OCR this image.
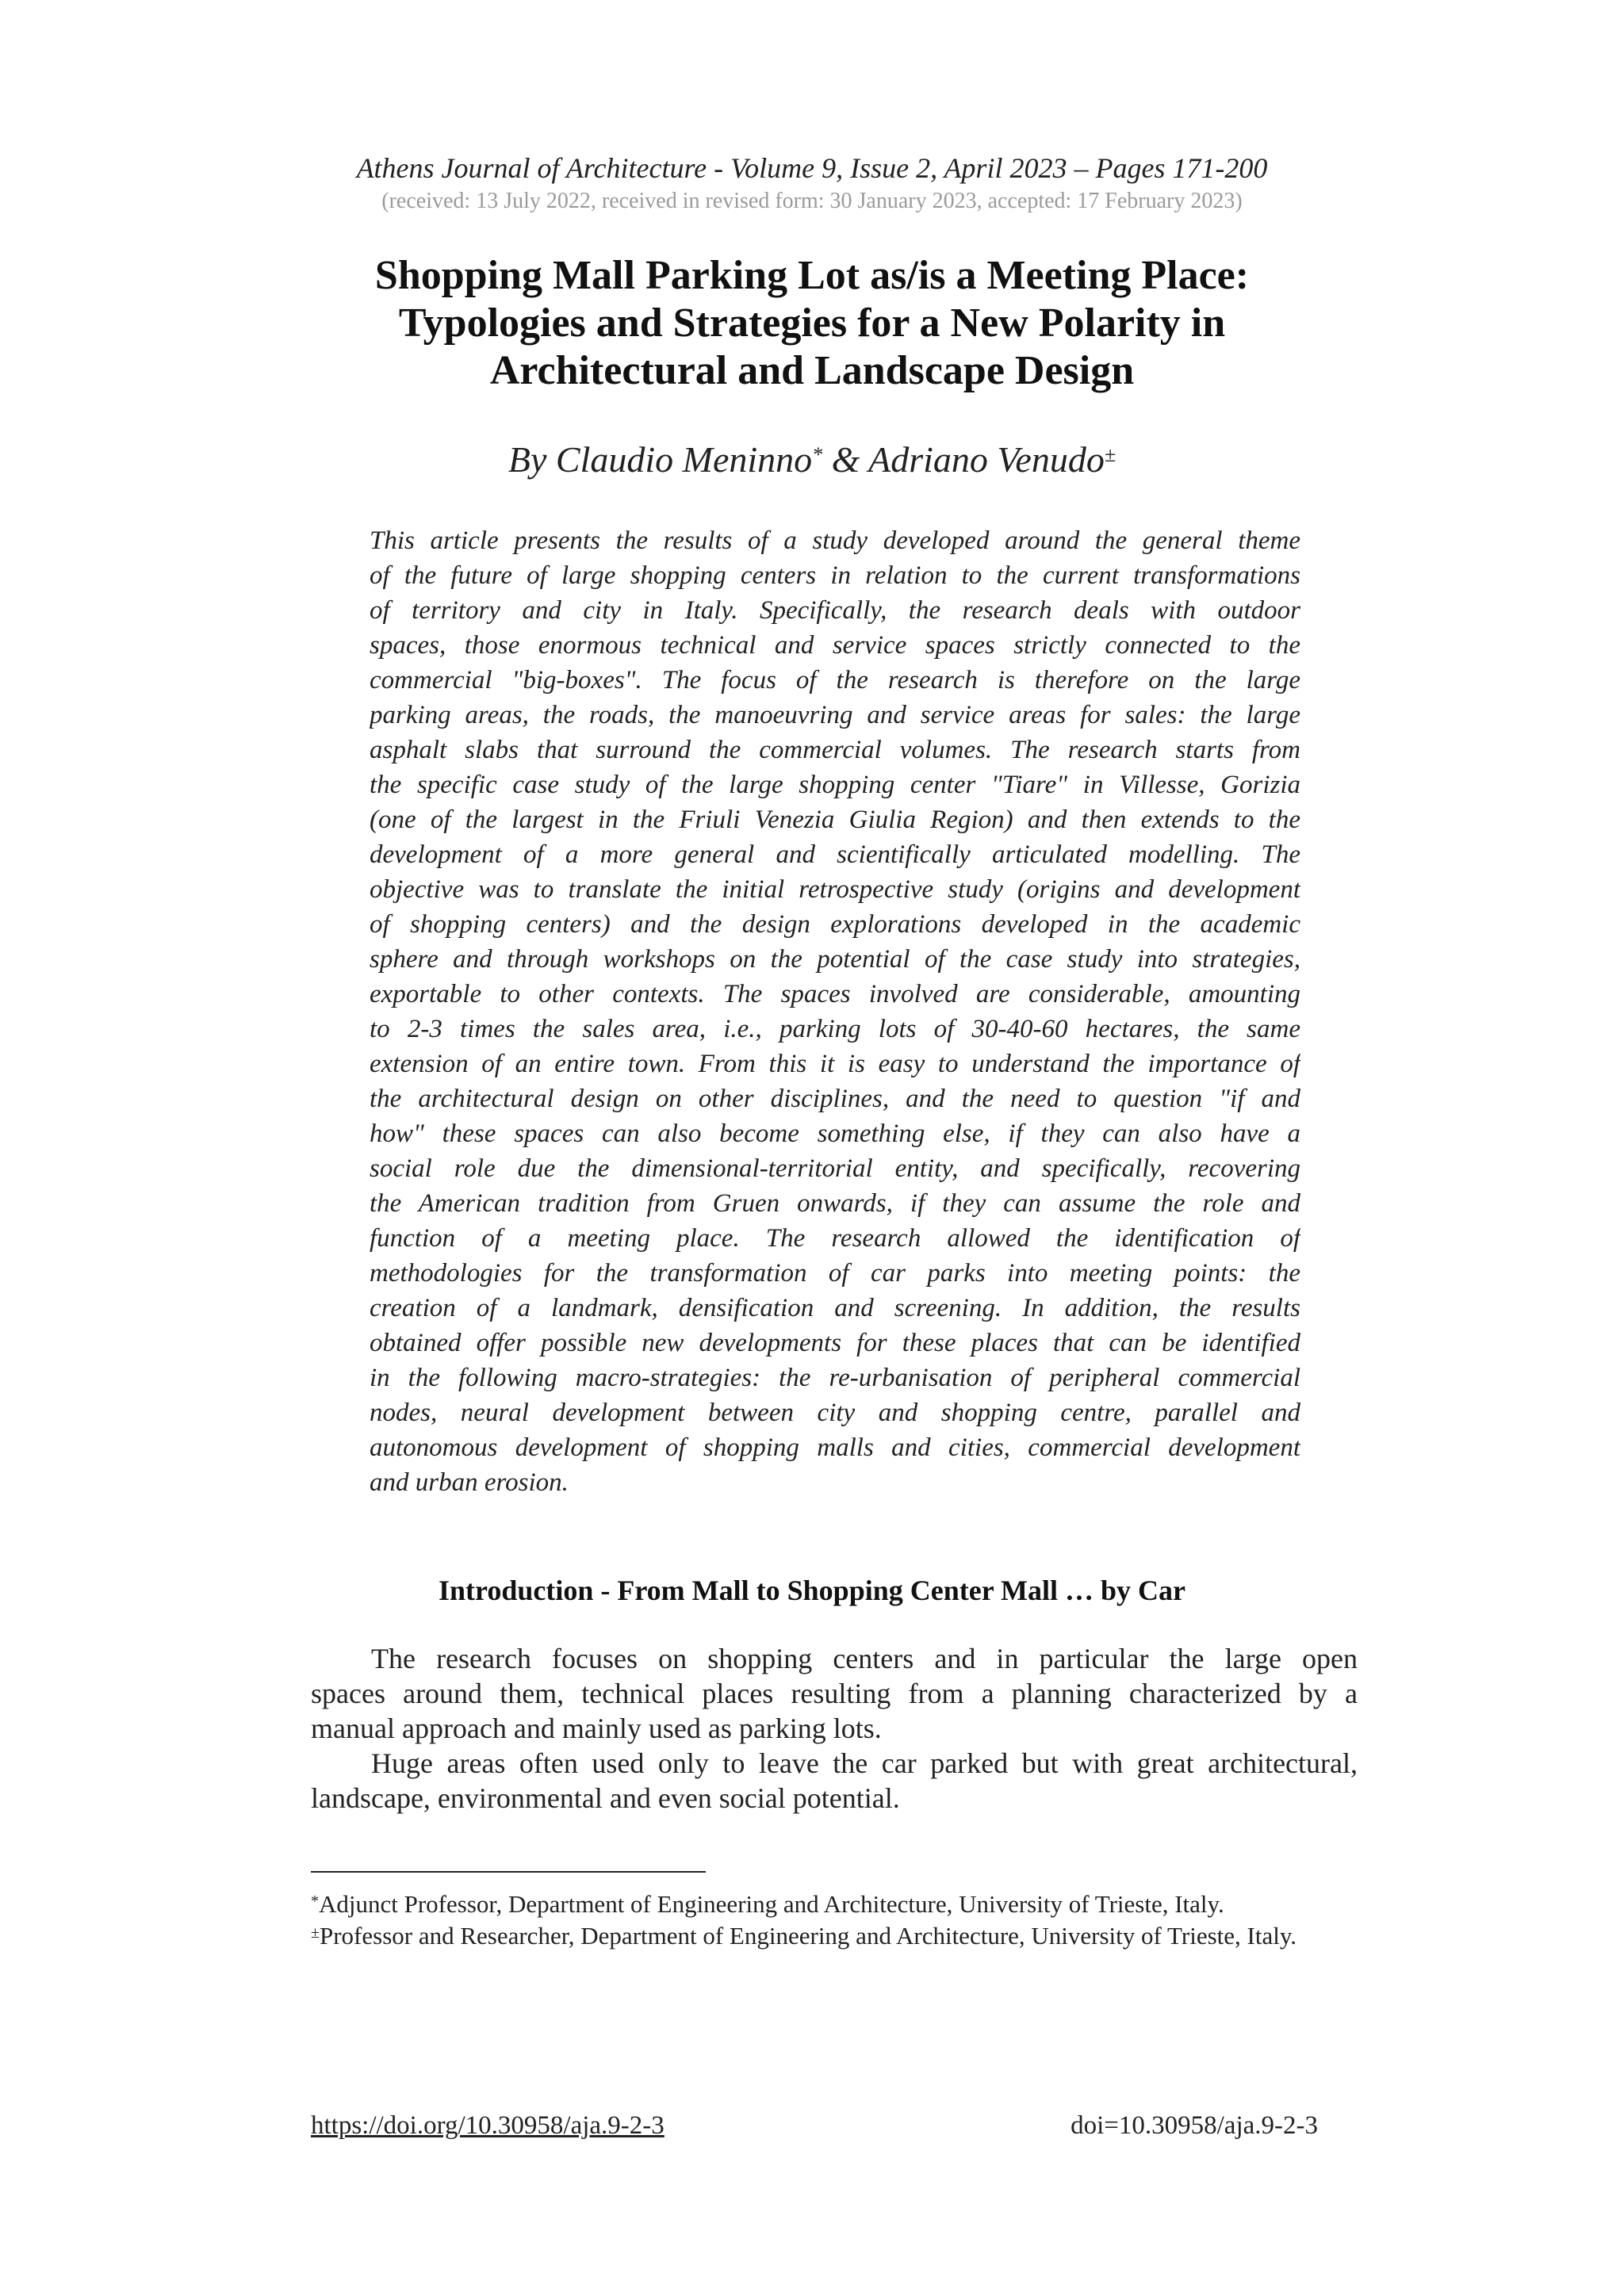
Athens Journal of Architecture - Volume 9, Issue 2, April 2023 – Pages 171-200
(received: 13 July 2022, received in revised form: 30 January 2023, accepted: 17 February 2023)
Shopping Mall Parking Lot as/is a Meeting Place:
Typologies and Strategies for a New Polarity in
Architectural and Landscape Design
By Claudio Meninno* & Adriano Venudo±
This article presents the results of a study developed around the general theme
of the future of large shopping centers in relation to the current transformations
of territory and city in Italy. Specifically, the research deals with outdoor
spaces, those enormous technical and service spaces strictly connected to the
commercial "big-boxes". The focus of the research is therefore on the large
parking areas, the roads, the manoeuvring and service areas for sales: the large
asphalt slabs that surround the commercial volumes. The research starts from
the specific case study of the large shopping center "Tiare" in Villesse, Gorizia
(one of the largest in the Friuli Venezia Giulia Region) and then extends to the
development of a more general and scientifically articulated modelling. The
objective was to translate the initial retrospective study (origins and development
of shopping centers) and the design explorations developed in the academic
sphere and through workshops on the potential of the case study into strategies,
exportable to other contexts. The spaces involved are considerable, amounting
to 2-3 times the sales area, i.e., parking lots of 30-40-60 hectares, the same
extension of an entire town. From this it is easy to understand the importance of
the architectural design on other disciplines, and the need to question "if and
how" these spaces can also become something else, if they can also have a
social role due the dimensional-territorial entity, and specifically, recovering
the American tradition from Gruen onwards, if they can assume the role and
function of a meeting place. The research allowed the identification of
methodologies for the transformation of car parks into meeting points: the
creation of a landmark, densification and screening. In addition, the results
obtained offer possible new developments for these places that can be identified
in the following macro-strategies: the re-urbanisation of peripheral commercial
nodes, neural development between city and shopping centre, parallel and
autonomous development of shopping malls and cities, commercial development
and urban erosion.
Introduction - From Mall to Shopping Center Mall … by Car
The research focuses on shopping centers and in particular the large open
spaces around them, technical places resulting from a planning characterized by a
manual approach and mainly used as parking lots.
Huge areas often used only to leave the car parked but with great architectural,
landscape, environmental and even social potential.
*Adjunct Professor, Department of Engineering and Architecture, University of Trieste, Italy.
±Professor and Researcher, Department of Engineering and Architecture, University of Trieste, Italy.
https://doi.org/10.30958/aja.9-2-3	doi=10.30958/aja.9-2-3
